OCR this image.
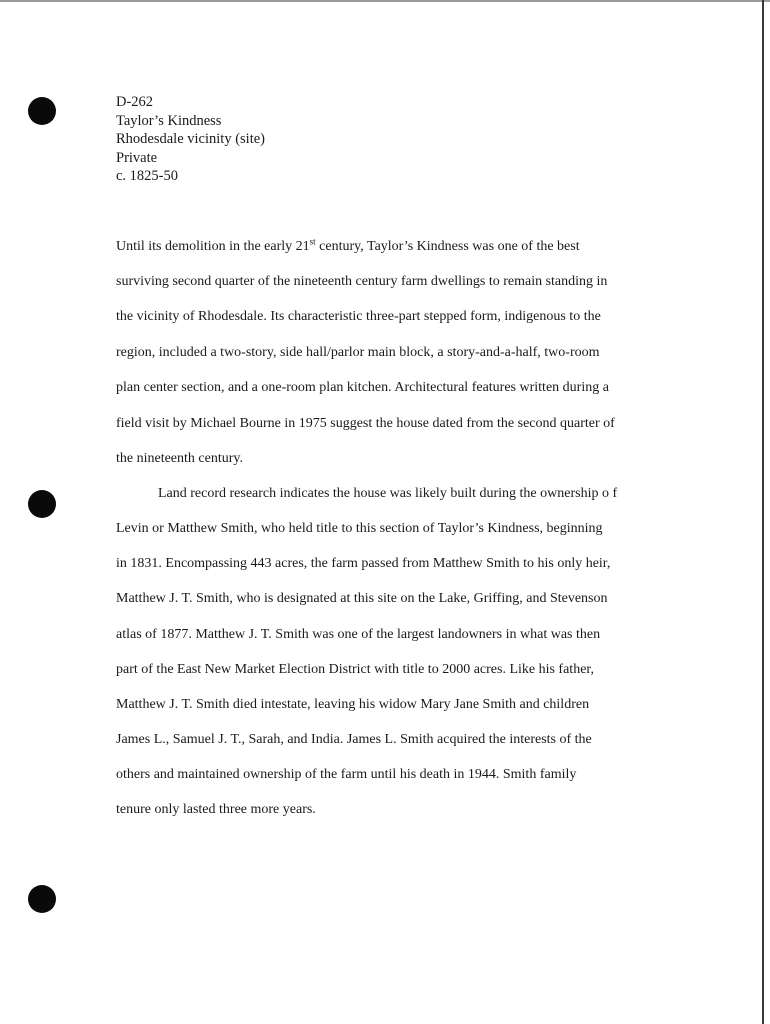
D-262
Taylor’s Kindness
Rhodesdale vicinity (site)
Private
c. 1825-50
Until its demolition in the early 21st century, Taylor’s Kindness was one of the best
surviving second quarter of the nineteenth century farm dwellings to remain standing in
the vicinity of Rhodesdale. Its characteristic three-part stepped form, indigenous to the
region, included a two-story, side hall/parlor main block, a story-and-a-half, two-room
plan center section, and a one-room plan kitchen. Architectural features written during a
field visit by Michael Bourne in 1975 suggest the house dated from the second quarter of
the nineteenth century.
Land record research indicates the house was likely built during the ownership o f
Levin or Matthew Smith, who held title to this section of Taylor’s Kindness, beginning
in 1831. Encompassing 443 acres, the farm passed from Matthew Smith to his only heir,
Matthew J. T. Smith, who is designated at this site on the Lake, Griffing, and Stevenson
atlas of 1877. Matthew J. T. Smith was one of the largest landowners in what was then
part of the East New Market Election District with title to 2000 acres. Like his father,
Matthew J. T. Smith died intestate, leaving his widow Mary Jane Smith and children
James L., Samuel J. T., Sarah, and India. James L. Smith acquired the interests of the
others and maintained ownership of the farm until his death in 1944. Smith family
tenure only lasted three more years.
